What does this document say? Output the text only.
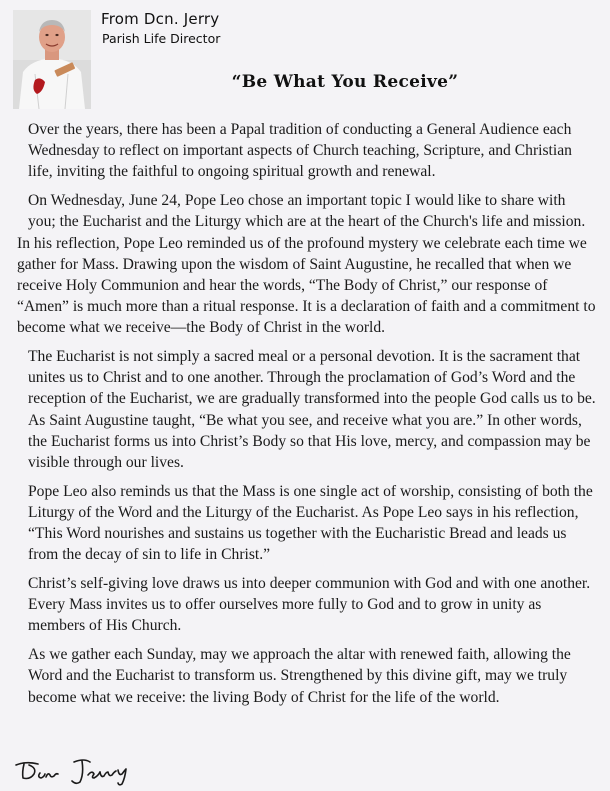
From Dcn. Jerry
Parish Life Director
“Be What You Receive”

Over the years, there has been a Papal tradition of conducting a General Audience each Wednesday to reflect on important aspects of Church teaching, Scripture, and Christian life, inviting the faithful to ongoing spiritual growth and renewal.

On Wednesday, June 24, Pope Leo chose an important topic I would like to share with you; the Eucharist and the Liturgy which are at the heart of the Church's life and mission.

In his reflection, Pope Leo reminded us of the profound mystery we celebrate each time we gather for Mass. Drawing upon the wisdom of Saint Augustine, he recalled that when we receive Holy Communion and hear the words, “The Body of Christ,” our response of “Amen” is much more than a ritual response. It is a declaration of faith and a commitment to become what we receive—the Body of Christ in the world.

The Eucharist is not simply a sacred meal or a personal devotion. It is the sacrament that unites us to Christ and to one another. Through the proclamation of God’s Word and the reception of the Eucharist, we are gradually transformed into the people God calls us to be. As Saint Augustine taught, “Be what you see, and receive what you are.” In other words, the Eucharist forms us into Christ’s Body so that His love, mercy, and compassion may be visible through our lives.

Pope Leo also reminds us that the Mass is one single act of worship, consisting of both the Liturgy of the Word and the Liturgy of the Eucharist. As Pope Leo says in his reflection, “This Word nourishes and sustains us together with the Eucharistic Bread and leads us from the decay of sin to life in Christ.”

Christ’s self-giving love draws us into deeper communion with God and with one another. Every Mass invites us to offer ourselves more fully to God and to grow in unity as members of His Church.

As we gather each Sunday, may we approach the altar with renewed faith, allowing the Word and the Eucharist to transform us. Strengthened by this divine gift, may we truly become what we receive: the living Body of Christ for the life of the world.
